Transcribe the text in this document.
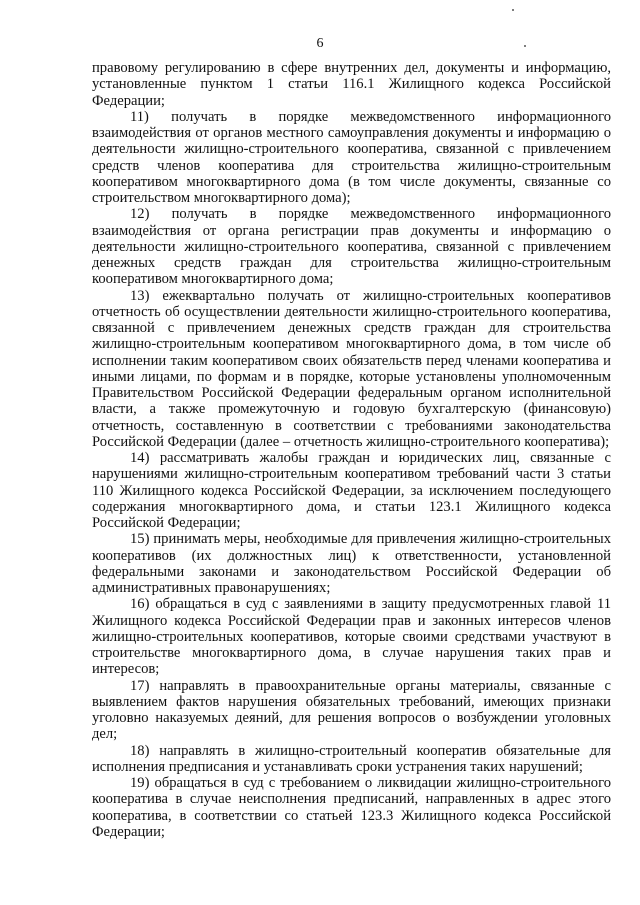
6

правовому регулированию в сфере внутренних дел, документы и информацию, установленные пунктом 1 статьи 116.1 Жилищного кодекса Российской Федерации;

11) получать в порядке межведомственного информационного взаимодействия от органов местного самоуправления документы и информацию о деятельности жилищно-строительного кооператива, связанной с привлечением средств членов кооператива для строительства жилищно-строительным кооперативом многоквартирного дома (в том числе документы, связанные со строительством многоквартирного дома);

12) получать в порядке межведомственного информационного взаимодействия от органа регистрации прав документы и информацию о деятельности жилищно-строительного кооператива, связанной с привлечением денежных средств граждан для строительства жилищно-строительным кооперативом многоквартирного дома;

13) ежеквартально получать от жилищно-строительных кооперативов отчетность об осуществлении деятельности жилищно-строительного кооператива, связанной с привлечением денежных средств граждан для строительства жилищно-строительным кооперативом многоквартирного дома, в том числе об исполнении таким кооперативом своих обязательств перед членами кооператива и иными лицами, по формам и в порядке, которые установлены уполномоченным Правительством Российской Федерации федеральным органом исполнительной власти, а также промежуточную и годовую бухгалтерскую (финансовую) отчетность, составленную в соответствии с требованиями законодательства Российской Федерации (далее – отчетность жилищно-строительного кооператива);

14) рассматривать жалобы граждан и юридических лиц, связанные с нарушениями жилищно-строительным кооперативом требований части 3 статьи 110 Жилищного кодекса Российской Федерации, за исключением последующего содержания многоквартирного дома, и статьи 123.1 Жилищного кодекса Российской Федерации;

15) принимать меры, необходимые для привлечения жилищно-строительных кооперативов (их должностных лиц) к ответственности, установленной федеральными законами и законодательством Российской Федерации об административных правонарушениях;

16) обращаться в суд с заявлениями в защиту предусмотренных главой 11 Жилищного кодекса Российской Федерации прав и законных интересов членов жилищно-строительных кооперативов, которые своими средствами участвуют в строительстве многоквартирного дома, в случае нарушения таких прав и интересов;

17) направлять в правоохранительные органы материалы, связанные с выявлением фактов нарушения обязательных требований, имеющих признаки уголовно наказуемых деяний, для решения вопросов о возбуждении уголовных дел;

18) направлять в жилищно-строительный кооператив обязательные для исполнения предписания и устанавливать сроки устранения таких нарушений;

19) обращаться в суд с требованием о ликвидации жилищно-строительного кооператива в случае неисполнения предписаний, направленных в адрес этого кооператива, в соответствии со статьей 123.3 Жилищного кодекса Российской Федерации;
